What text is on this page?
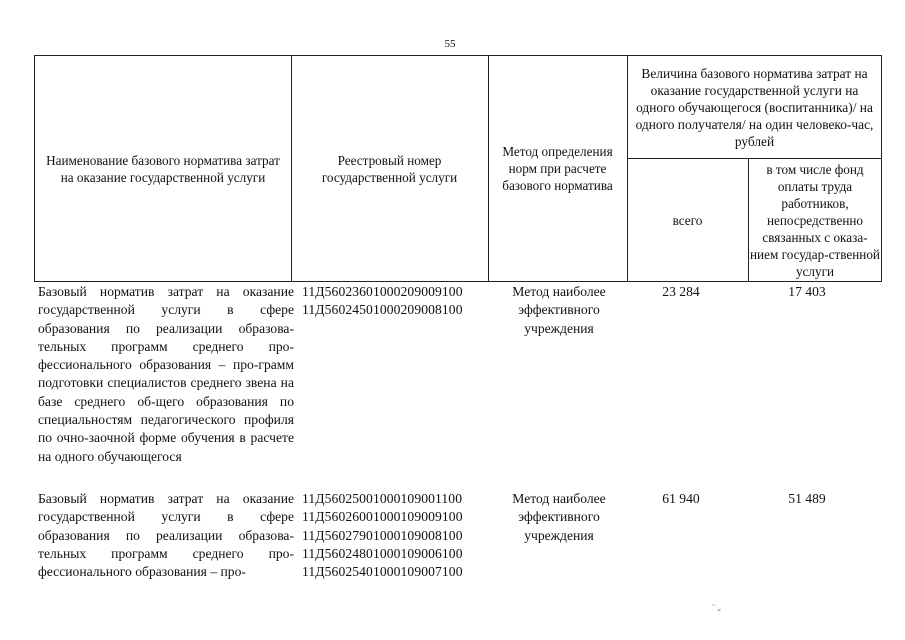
55
Наименование базового норматива затрат на оказание государственной услуги
Реестровый номер государственной услуги
Метод определения норм при расчете базового норматива
Величина базового норматива затрат на оказание государственной услуги на одного обучающегося (воспитанника)/ на одного получателя/ на один человеко-час, рублей
всего
в том числе фонд оплаты труда работников, непосредственно связанных с оказа-нием государ-ственной услуги
Базовый норматив затрат на оказание государственной услуги в сфере образования по реализации образова-тельных программ среднего про-фессионального образования – про-грамм подготовки специалистов среднего звена на базе среднего об-щего образования по специальностям педагогического профиля по очно-заочной форме обучения в расчете на одного обучающегося
11Д56023601000209009100
11Д56024501000209008100
Метод наиболее эффективного учреждения
23 284	17 403
Базовый норматив затрат на оказание государственной услуги в сфере образования по реализации образова-тельных программ среднего про-фессионального образования – про-
11Д56025001000109001100
11Д56026001000109009100
11Д56027901000109008100
11Д56024801000109006100
11Д56025401000109007100
Метод наиболее эффективного учреждения
61 940	51 489
⁻ ⸗
